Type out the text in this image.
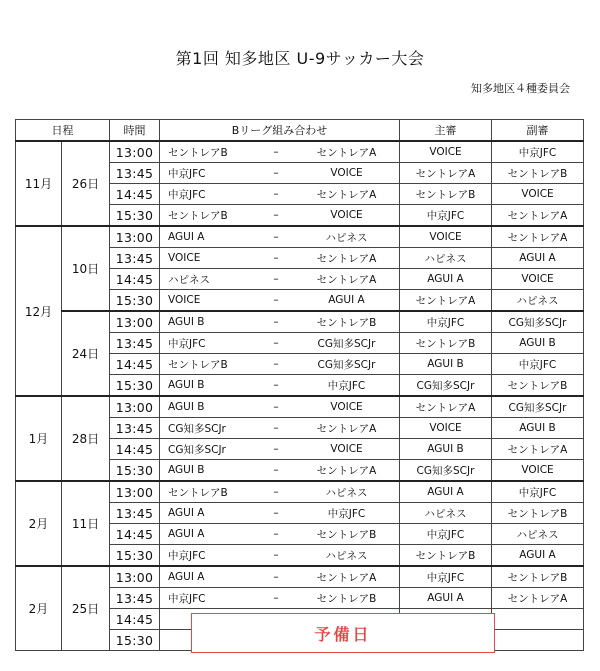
第1回 知多地区 U-9サッカー大会
知多地区４種委員会
日程		時間	Bリーグ組み合わせ	主審	副審
11月	26日	13:00	セントレアB – セントレアA	VOICE	中京JFC
		13:45	中京JFC – VOICE	セントレアA	セントレアB
		14:45	中京JFC – セントレアA	セントレアB	VOICE
		15:30	セントレアB – VOICE	中京JFC	セントレアA
12月	10日	13:00	AGUI A – ハピネス	VOICE	セントレアA
		13:45	VOICE – セントレアA	ハピネス	AGUI A
		14:45	ハピネス – セントレアA	AGUI A	VOICE
		15:30	VOICE – AGUI A	セントレアA	ハピネス
	24日	13:00	AGUI B – セントレアB	中京JFC	CG知多SCJr
		13:45	中京JFC – CG知多SCJr	セントレアB	AGUI B
		14:45	セントレアB – CG知多SCJr	AGUI B	中京JFC
		15:30	AGUI B – 中京JFC	CG知多SCJr	セントレアB
1月	28日	13:00	AGUI B – VOICE	セントレアA	CG知多SCJr
		13:45	CG知多SCJr – セントレアA	VOICE	AGUI B
		14:45	CG知多SCJr – VOICE	AGUI B	セントレアA
		15:30	AGUI B – セントレアA	CG知多SCJr	VOICE
2月	11日	13:00	セントレアB – ハピネス	AGUI A	中京JFC
		13:45	AGUI A – 中京JFC	ハピネス	セントレアB
		14:45	AGUI A – セントレアB	中京JFC	ハピネス
		15:30	中京JFC – ハピネス	セントレアB	AGUI A
2月	25日	13:00	AGUI A – セントレアA	中京JFC	セントレアB
		13:45	中京JFC – セントレアB	AGUI A	セントレアA
		14:45	

		15:30	
			予備日
